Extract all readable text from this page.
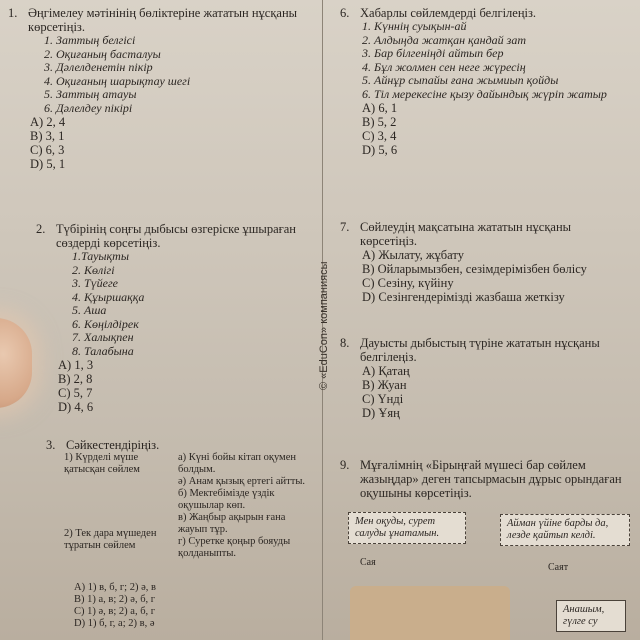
© «EduCon» компаниясы
1. Әңгімелеу мәтінінің бөліктеріне жататын нұсқаны көрсетіңіз.
1. Заттың белгісі
2. Оқиғаның басталуы
3. Дәлелденетін пікір
4. Оқиғаның шарықтау шегі
5. Заттың атауы
6. Дәлелдеу пікірі
A) 2, 4
B) 3, 1
C) 6, 3
D) 5, 1
2. Түбірінің соңғы дыбысы өзгеріске ұшыраған сөздерді көрсетіңіз.
1.Тауықты
2. Көлігі
3. Түйеге
4. Құыршаққа
5. Аша
6. Көңілдірек
7. Халықпен
8. Талабына
A) 1, 3
B) 2, 8
C) 5, 7
D) 4, 6
3. Сәйкестендіріңіз.
1) Күрделі мүше қатысқан сөйлем
2) Тек дара мүшеден тұратын сөйлем
а) Күні бойы кітап оқумен болдым.
ә) Анам қызық ертегі айтты.
б) Мектебімізде үздік оқушылар көп.
в) Жаңбыр ақырын ғана жауып тұр.
г) Суретке қоңыр бояуды қолданыпты.
A) 1) в, б, г; 2) ә, в
B) 1) а, в; 2) ә, б, г
C) 1) ә, в; 2) а, б, г
D) 1) б, г, а; 2) в, ә
6. Хабарлы сөйлемдерді белгілеңіз.
1. Күннің суықын-ай
2. Алдыңда жатқан қандай зат
3. Бар білгеніңді айтып бер
4. Бұл жолмен сен неге жүресің
5. Айнұр сыпайы ғана жымиып қойды
6. Тіл мерекесіне қызу дайындық жүріп жатыр
A) 6, 1
B) 5, 2
C) 3, 4
D) 5, 6
7. Сөйлеудің мақсатына жататын нұсқаны көрсетіңіз.
A) Жылату, жұбату
B) Ойларымызбен, сезімдерімізбен бөлісу
C) Сезіну, күйіну
D) Сезінгендерімізді жазбаша жеткізу
8. Дауысты дыбыстың түріне жататын нұсқаны белгілеңіз.
A) Қатаң
B) Жуан
C) Үнді
D) Ұяң
9. Мұғалімнің «Бірыңғай мүшесі бар сөйлем жазыңдар» деген тапсырмасын дұрыс орындаған оқушыны көрсетіңіз.
Мен оқуды, сурет салуды ұнатамын.
Айман үйіне барды да, лезде қайтып келді.
Сая	Саят
Анашым, гүлге су
